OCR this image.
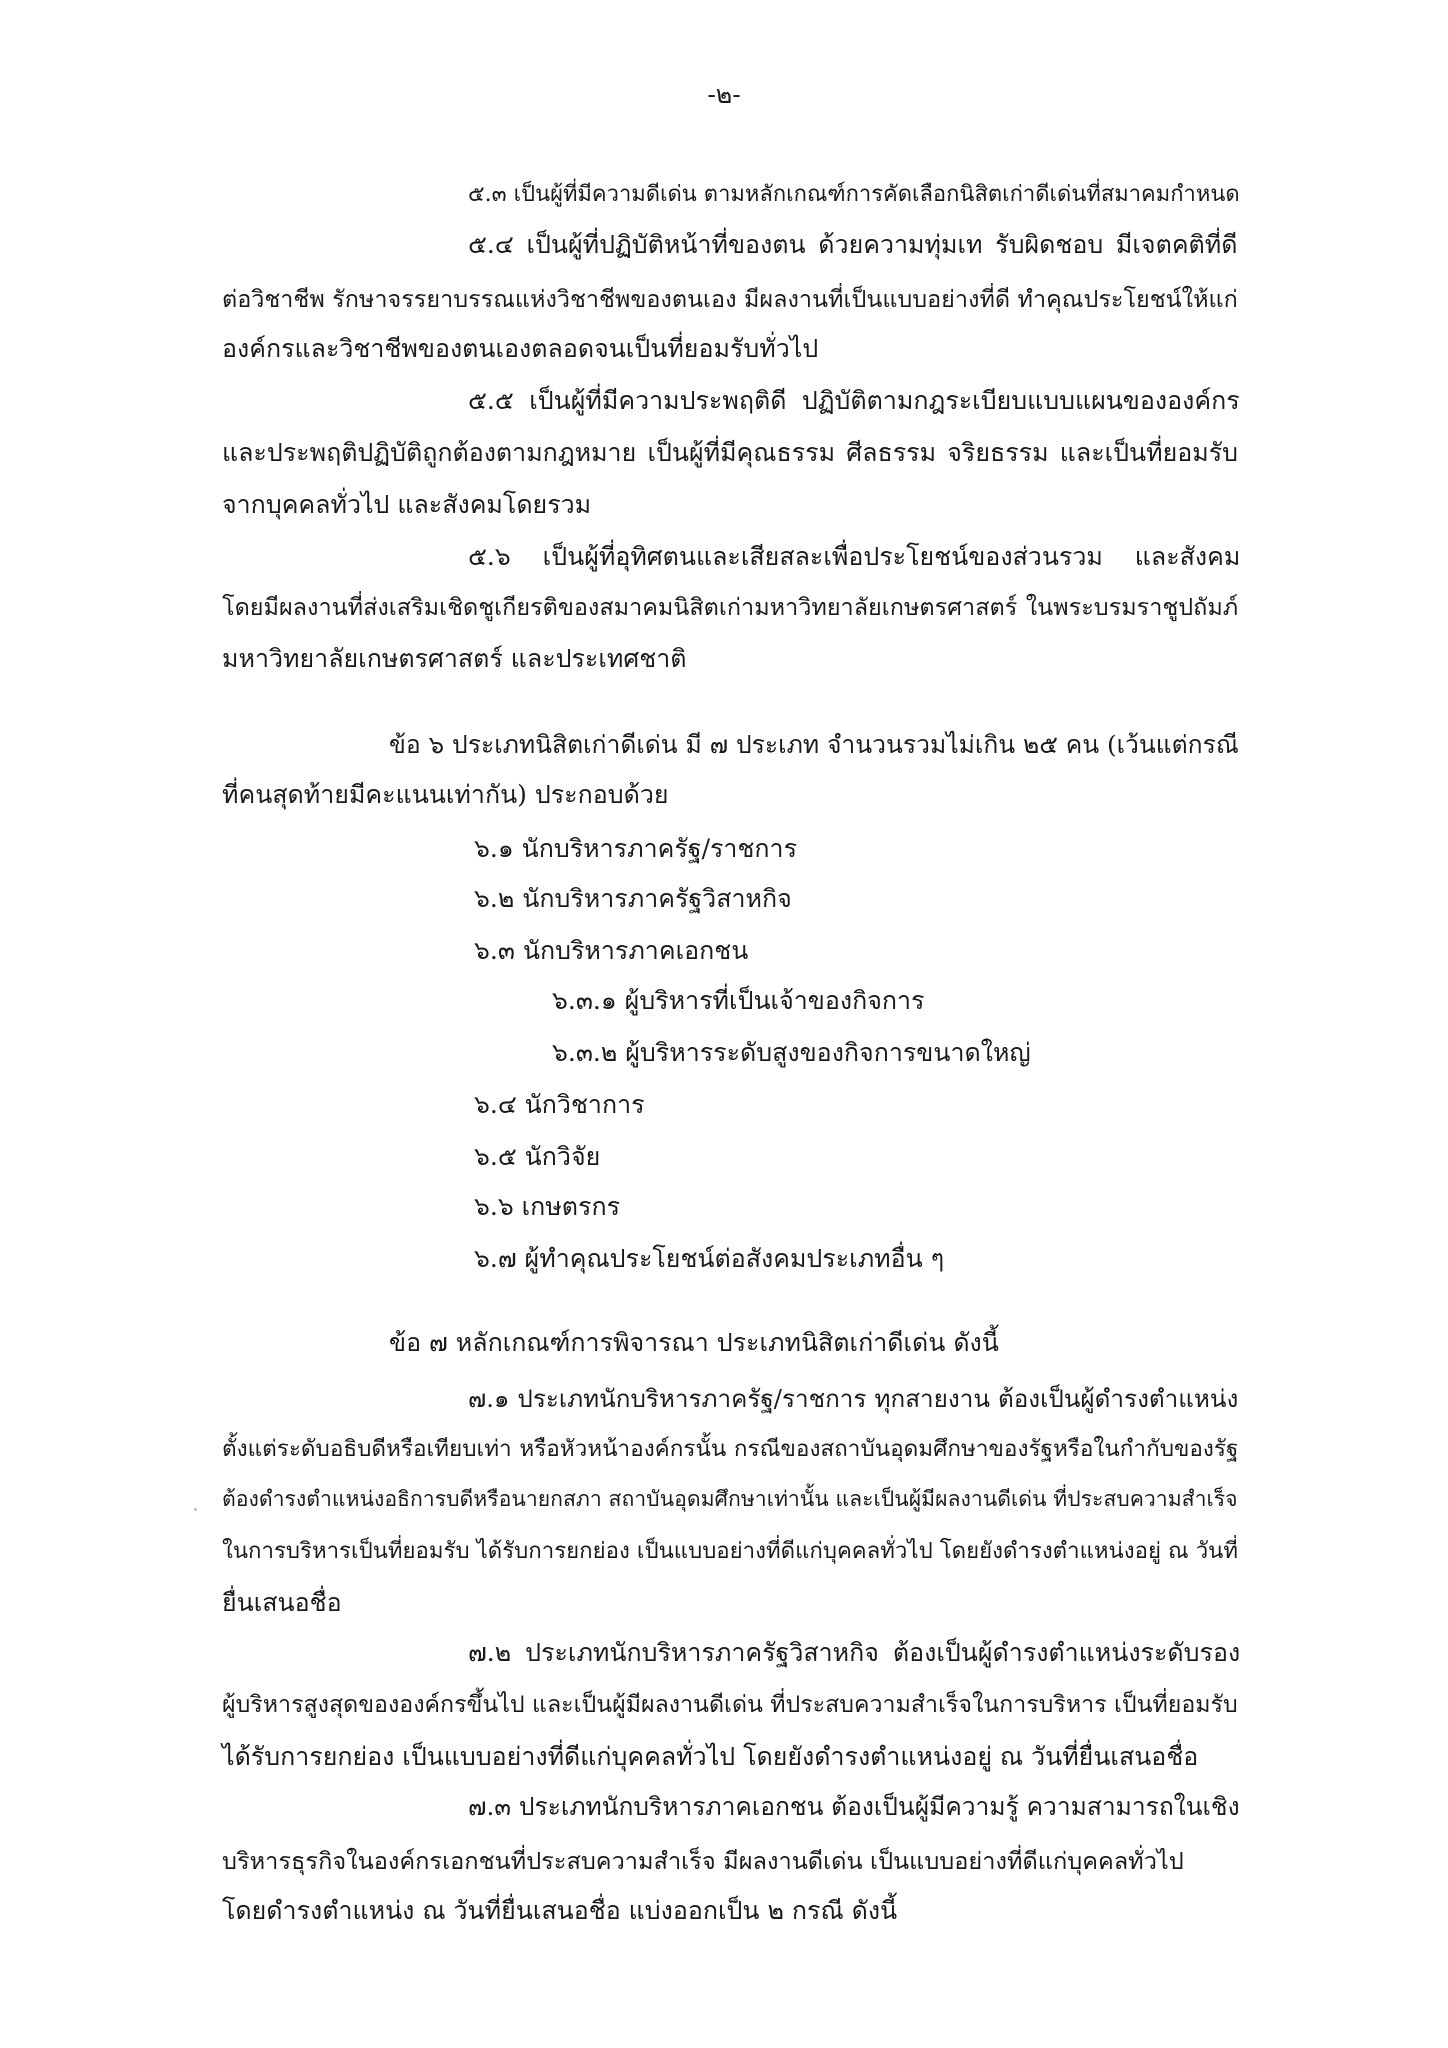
-๒-
๕.๓ เป็นผู้ที่มีความดีเด่น ตามหลักเกณฑ์การคัดเลือกนิสิตเก่าดีเด่นที่สมาคมกำหนด
๕.๔ เป็นผู้ที่ปฏิบัติหน้าที่ของตน ด้วยความทุ่มเท รับผิดชอบ มีเจตคติที่ดี
ต่อวิชาชีพ รักษาจรรยาบรรณแห่งวิชาชีพของตนเอง มีผลงานที่เป็นแบบอย่างที่ดี ทำคุณประโยชน์ให้แก่
องค์กรและวิชาชีพของตนเองตลอดจนเป็นที่ยอมรับทั่วไป
๕.๕ เป็นผู้ที่มีความประพฤติดี ปฏิบัติตามกฎระเบียบแบบแผนขององค์กร
และประพฤติปฏิบัติถูกต้องตามกฎหมาย เป็นผู้ที่มีคุณธรรม ศีลธรรม จริยธรรม และเป็นที่ยอมรับ
จากบุคคลทั่วไป และสังคมโดยรวม
๕.๖ เป็นผู้ที่อุทิศตนและเสียสละเพื่อประโยชน์ของส่วนรวม และสังคม
โดยมีผลงานที่ส่งเสริมเชิดชูเกียรติของสมาคมนิสิตเก่ามหาวิทยาลัยเกษตรศาสตร์ ในพระบรมราชูปถัมภ์
มหาวิทยาลัยเกษตรศาสตร์ และประเทศชาติ
ข้อ ๖ ประเภทนิสิตเก่าดีเด่น มี ๗ ประเภท จำนวนรวมไม่เกิน ๒๕ คน (เว้นแต่กรณี
ที่คนสุดท้ายมีคะแนนเท่ากัน) ประกอบด้วย
๖.๑ นักบริหารภาครัฐ/ราชการ
๖.๒ นักบริหารภาครัฐวิสาหกิจ
๖.๓ นักบริหารภาคเอกชน
๖.๓.๑ ผู้บริหารที่เป็นเจ้าของกิจการ
๖.๓.๒ ผู้บริหารระดับสูงของกิจการขนาดใหญ่
๖.๔ นักวิชาการ
๖.๕ นักวิจัย
๖.๖ เกษตรกร
๖.๗ ผู้ทำคุณประโยชน์ต่อสังคมประเภทอื่น ๆ
ข้อ ๗ หลักเกณฑ์การพิจารณา ประเภทนิสิตเก่าดีเด่น ดังนี้
๗.๑ ประเภทนักบริหารภาครัฐ/ราชการ ทุกสายงาน ต้องเป็นผู้ดำรงตำแหน่ง
ตั้งแต่ระดับอธิบดีหรือเทียบเท่า หรือหัวหน้าองค์กรนั้น กรณีของสถาบันอุดมศึกษาของรัฐหรือในกำกับของรัฐ
ต้องดำรงตำแหน่งอธิการบดีหรือนายกสภา สถาบันอุดมศึกษาเท่านั้น และเป็นผู้มีผลงานดีเด่น ที่ประสบความสำเร็จ
ในการบริหารเป็นที่ยอมรับ ได้รับการยกย่อง เป็นแบบอย่างที่ดีแก่บุคคลทั่วไป โดยยังดำรงตำแหน่งอยู่ ณ วันที่
ยื่นเสนอชื่อ
๗.๒ ประเภทนักบริหารภาครัฐวิสาหกิจ ต้องเป็นผู้ดำรงตำแหน่งระดับรอง
ผู้บริหารสูงสุดขององค์กรขึ้นไป และเป็นผู้มีผลงานดีเด่น ที่ประสบความสำเร็จในการบริหาร เป็นที่ยอมรับ
ได้รับการยกย่อง เป็นแบบอย่างที่ดีแก่บุคคลทั่วไป โดยยังดำรงตำแหน่งอยู่ ณ วันที่ยื่นเสนอชื่อ
๗.๓ ประเภทนักบริหารภาคเอกชน ต้องเป็นผู้มีความรู้ ความสามารถในเชิง
บริหารธุรกิจในองค์กรเอกชนที่ประสบความสำเร็จ มีผลงานดีเด่น เป็นแบบอย่างที่ดีแก่บุคคลทั่วไป
โดยดำรงตำแหน่ง ณ วันที่ยื่นเสนอชื่อ แบ่งออกเป็น ๒ กรณี ดังนี้
